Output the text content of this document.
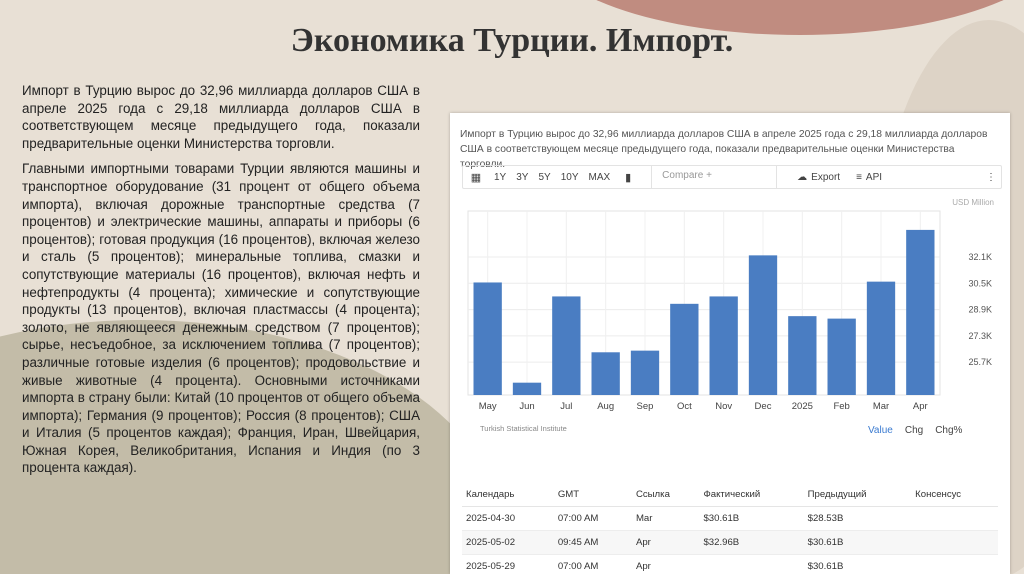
Экономика Турции. Импорт.

Импорт в Турцию вырос до 32,96 миллиарда долларов США в апреле 2025 года с 29,18 миллиарда долларов США в соответствующем месяце предыдущего года, показали предварительные оценки Министерства торговли.

Главными импортными товарами Турции являются машины и транспортное оборудование (31 процент от общего объема импорта), включая дорожные транспортные средства (7 процентов) и электрические машины, аппараты и приборы (6 процентов); готовая продукция (16 процентов), включая железо и сталь (5 процентов); минеральные топлива, смазки и сопутствующие материалы (16 процентов), включая нефть и нефтепродукты (4 процента); химические и сопутствующие продукты (13 процентов), включая пластмассы (4 процента); золото, не являющееся денежным средством (7 процентов); сырье, несъедобное, за исключением топлива (7 процентов); различные готовые изделия (6 процентов); продовольствие и живые животные (4 процента). Основными источниками импорта в страну были: Китай (10 процентов от общего объема импорта); Германия (9 процентов); Россия (8 процентов); США и Италия (5 процентов каждая); Франция, Иран, Швейцария, Южная Корея, Великобритания, Испания и Индия (по 3 процента каждая).

Импорт в Турцию вырос до 32,96 миллиарда долларов США в апреле 2025 года с 29,18 миллиарда долларов США в соответствующем месяце предыдущего года, показали предварительные оценки Министерства торговли.
▦	1Y	3Y	5Y	10Y	MAX	▮	Compare +	☁ Export ≡ API	⋮
USD Million
25.7K
27.3K
28.9K
30.5K
32.1K
May Jun	Jul	Aug Sep Oct Nov Dec 2025 Feb Mar Apr
Turkish Statistical Institute	Value Chg Chg%
Календарь	GMT	Ссылка	Фактический	Предыдущий	Консенсус
2025-04-30	07:00 AM	Mar	$30.61B	$28.53B	
2025-05-02	09:45 AM	Apr	$32.96B	$30.61B	
2025-05-29	07:00 AM	Apr		$30.61B	
